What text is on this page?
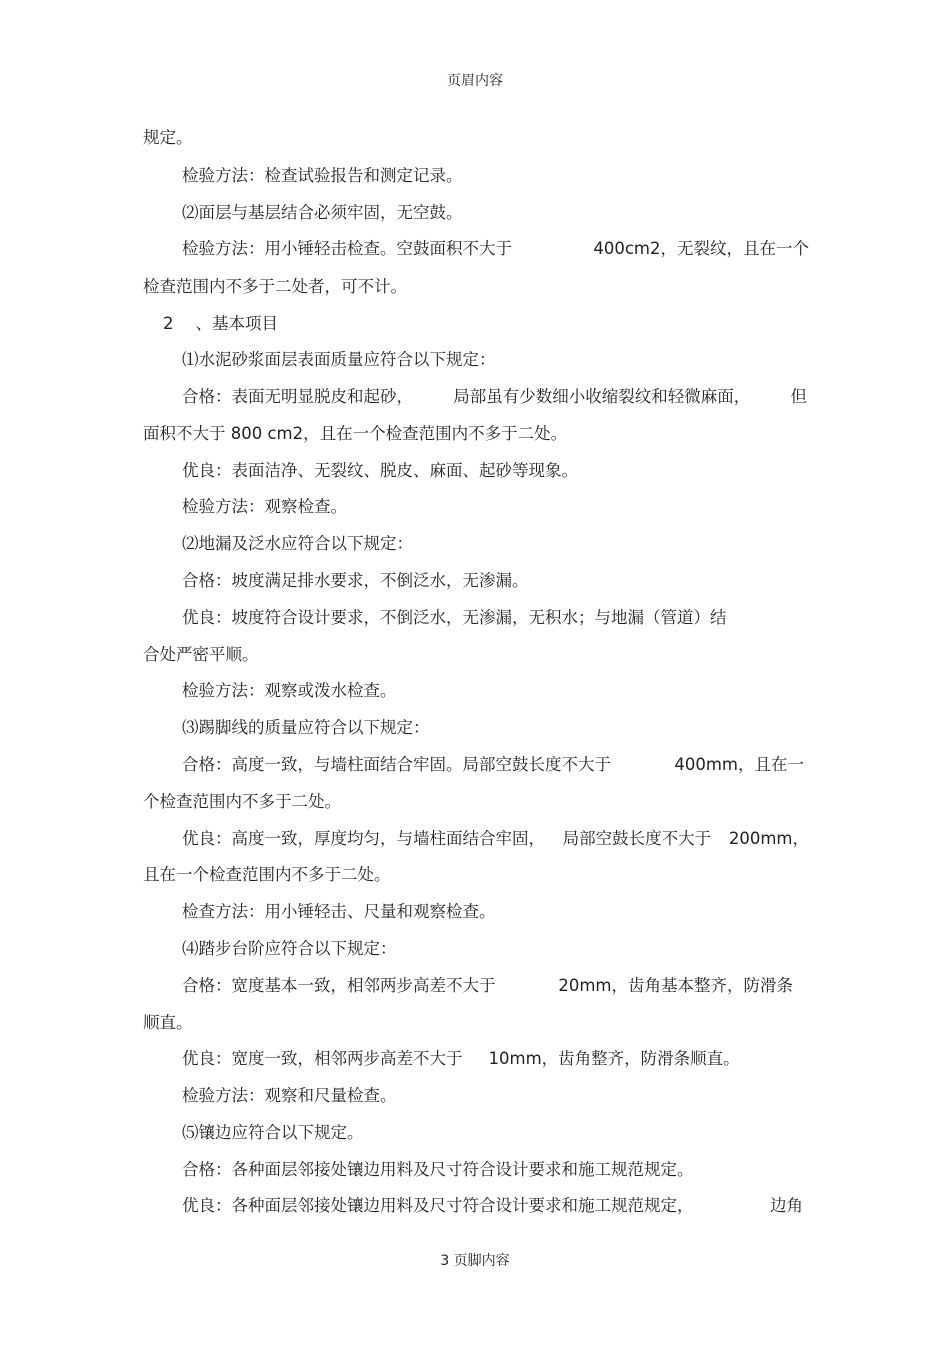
页眉内容
规定。
检验方法：检查试验报告和测定记录。
⑵面层与基层结合必须牢固，无空鼓。
检验方法：用小锤轻击检查。空鼓面积不大于	400cm2，无裂纹，且在一个
检查范围内不多于二处者，可不计。
2 、基本项目
⑴水泥砂浆面层表面质量应符合以下规定：
合格：表面无明显脱皮和起砂， 局部虽有少数细小收缩裂纹和轻微麻面， 但
面积不大于 800 cm2，且在一个检查范围内不多于二处。
优良：表面洁净、无裂纹、脱皮、麻面、起砂等现象。
检验方法：观察检查。
⑵地漏及泛水应符合以下规定：
合格：坡度满足排水要求，不倒泛水，无渗漏。
优良：坡度符合设计要求，不倒泛水，无渗漏，无积水；与地漏（管道）结
合处严密平顺。
检验方法：观察或泼水检查。
⑶踢脚线的质量应符合以下规定：
合格：高度一致，与墙柱面结合牢固。局部空鼓长度不大于	400mm，且在一
个检查范围内不多于二处。
优良：高度一致，厚度均匀，与墙柱面结合牢固， 局部空鼓长度不大于 200mm，
且在一个检查范围内不多于二处。
检查方法：用小锤轻击、尺量和观察检查。
⑷踏步台阶应符合以下规定：
合格：宽度基本一致，相邻两步高差不大于	20mm，齿角基本整齐，防滑条
顺直。
优良：宽度一致，相邻两步高差不大于 10mm，齿角整齐，防滑条顺直。
检验方法：观察和尺量检查。
⑸镶边应符合以下规定。
合格：各种面层邻接处镶边用料及尺寸符合设计要求和施工规范规定。
优良：各种面层邻接处镶边用料及尺寸符合设计要求和施工规范规定，	边角
3 页脚内容
